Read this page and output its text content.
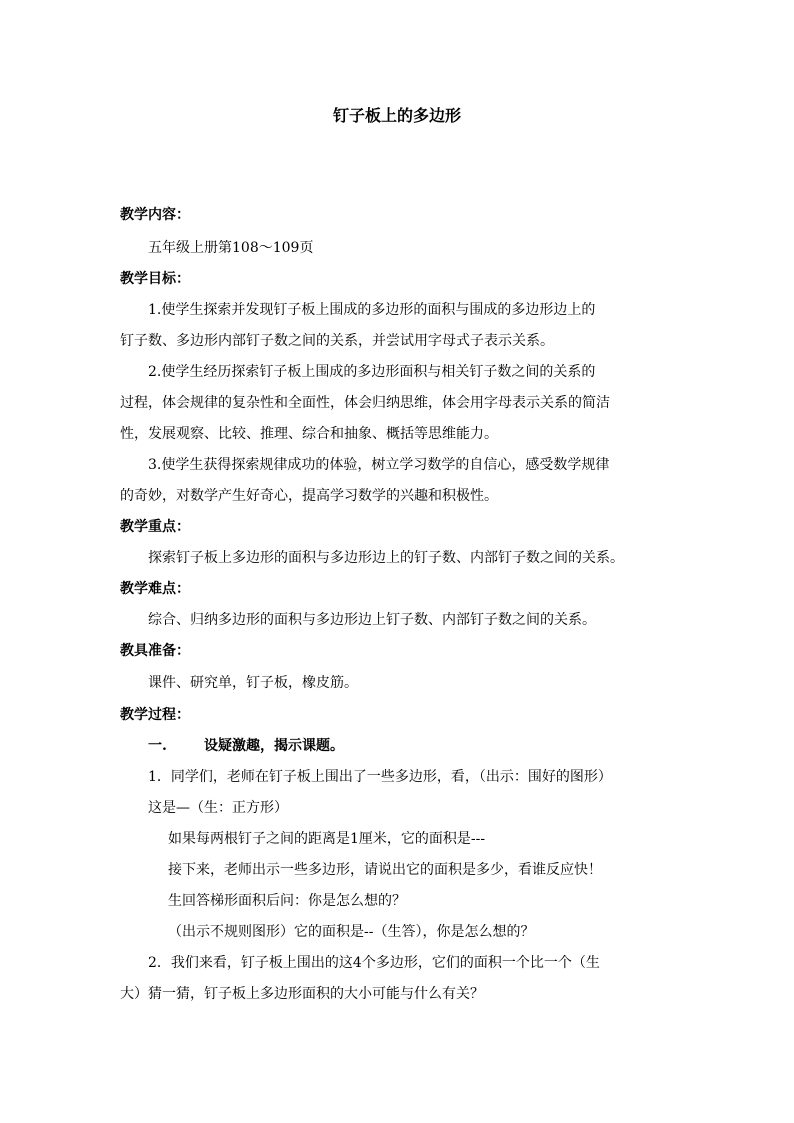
钉子板上的多边形
教学内容：
五年级上册第108～109页
教学目标：
1.使学生探索并发现钉子板上围成的多边形的面积与围成的多边形边上的
钉子数、多边形内部钉子数之间的关系，并尝试用字母式子表示关系。
2.使学生经历探索钉子板上围成的多边形面积与相关钉子数之间的关系的
过程，体会规律的复杂性和全面性，体会归纳思维，体会用字母表示关系的简洁
性，发展观察、比较、推理、综合和抽象、概括等思维能力。
3.使学生获得探索规律成功的体验，树立学习数学的自信心，感受数学规律
的奇妙，对数学产生好奇心，提高学习数学的兴趣和积极性。
教学重点：
探索钉子板上多边形的面积与多边形边上的钉子数、内部钉子数之间的关系。
教学难点：
综合、归纳多边形的面积与多边形边上钉子数、内部钉子数之间的关系。
教具准备：
课件、研究单，钉子板，橡皮筋。
教学过程：
一.	设疑激趣，揭示课题。
1．同学们，老师在钉子板上围出了一些多边形，看，（出示：围好的图形）
这是—（生：正方形）
如果每两根钉子之间的距离是1厘米，它的面积是---
接下来，老师出示一些多边形，请说出它的面积是多少，看谁反应快！
生回答梯形面积后问：你是怎么想的？
（出示不规则图形）它的面积是--（生答），你是怎么想的？
2．我们来看，钉子板上围出的这4个多边形，它们的面积一个比一个（生
大）猜一猜，钉子板上多边形面积的大小可能与什么有关？
